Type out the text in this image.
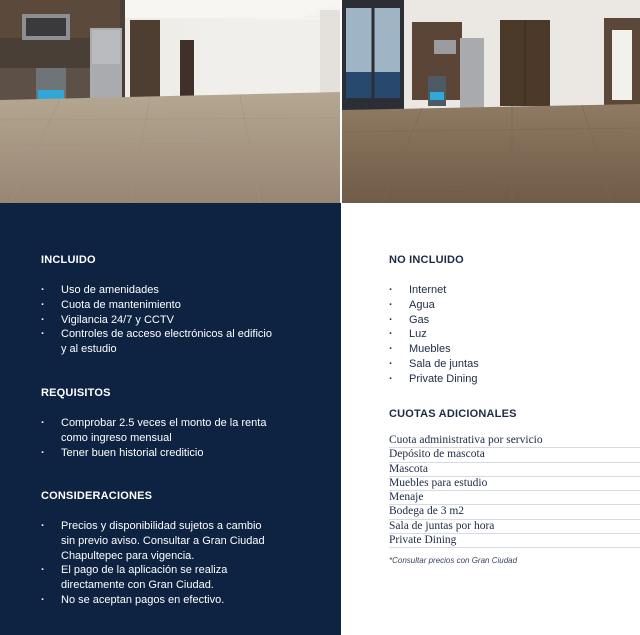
INCLUIDO
· Uso de amenidades
· Cuota de mantenimiento
· Vigilancia 24/7 y CCTV
· Controles de acceso electrónicos al edificio y al estudio
REQUISITOS
· Comprobar 2.5 veces el monto de la renta como ingreso mensual
· Tener buen historial crediticio
CONSIDERACIONES
· Precios y disponibilidad sujetos a cambio sin previo aviso. Consultar a Gran Ciudad Chapultepec para vigencia.
· El pago de la aplicación se realiza directamente con Gran Ciudad.
· No se aceptan pagos en efectivo.
NO INCLUIDO
· Internet
· Agua
· Gas
· Luz
· Muebles
· Sala de juntas
· Private Dining
CUOTAS ADICIONALES
Cuota administrativa por servicio
Depósito de mascota
Mascota
Muebles para estudio
Menaje
Bodega de 3 m2
Sala de juntas por hora
Private Dining
*Consultar precios con Gran Ciudad
